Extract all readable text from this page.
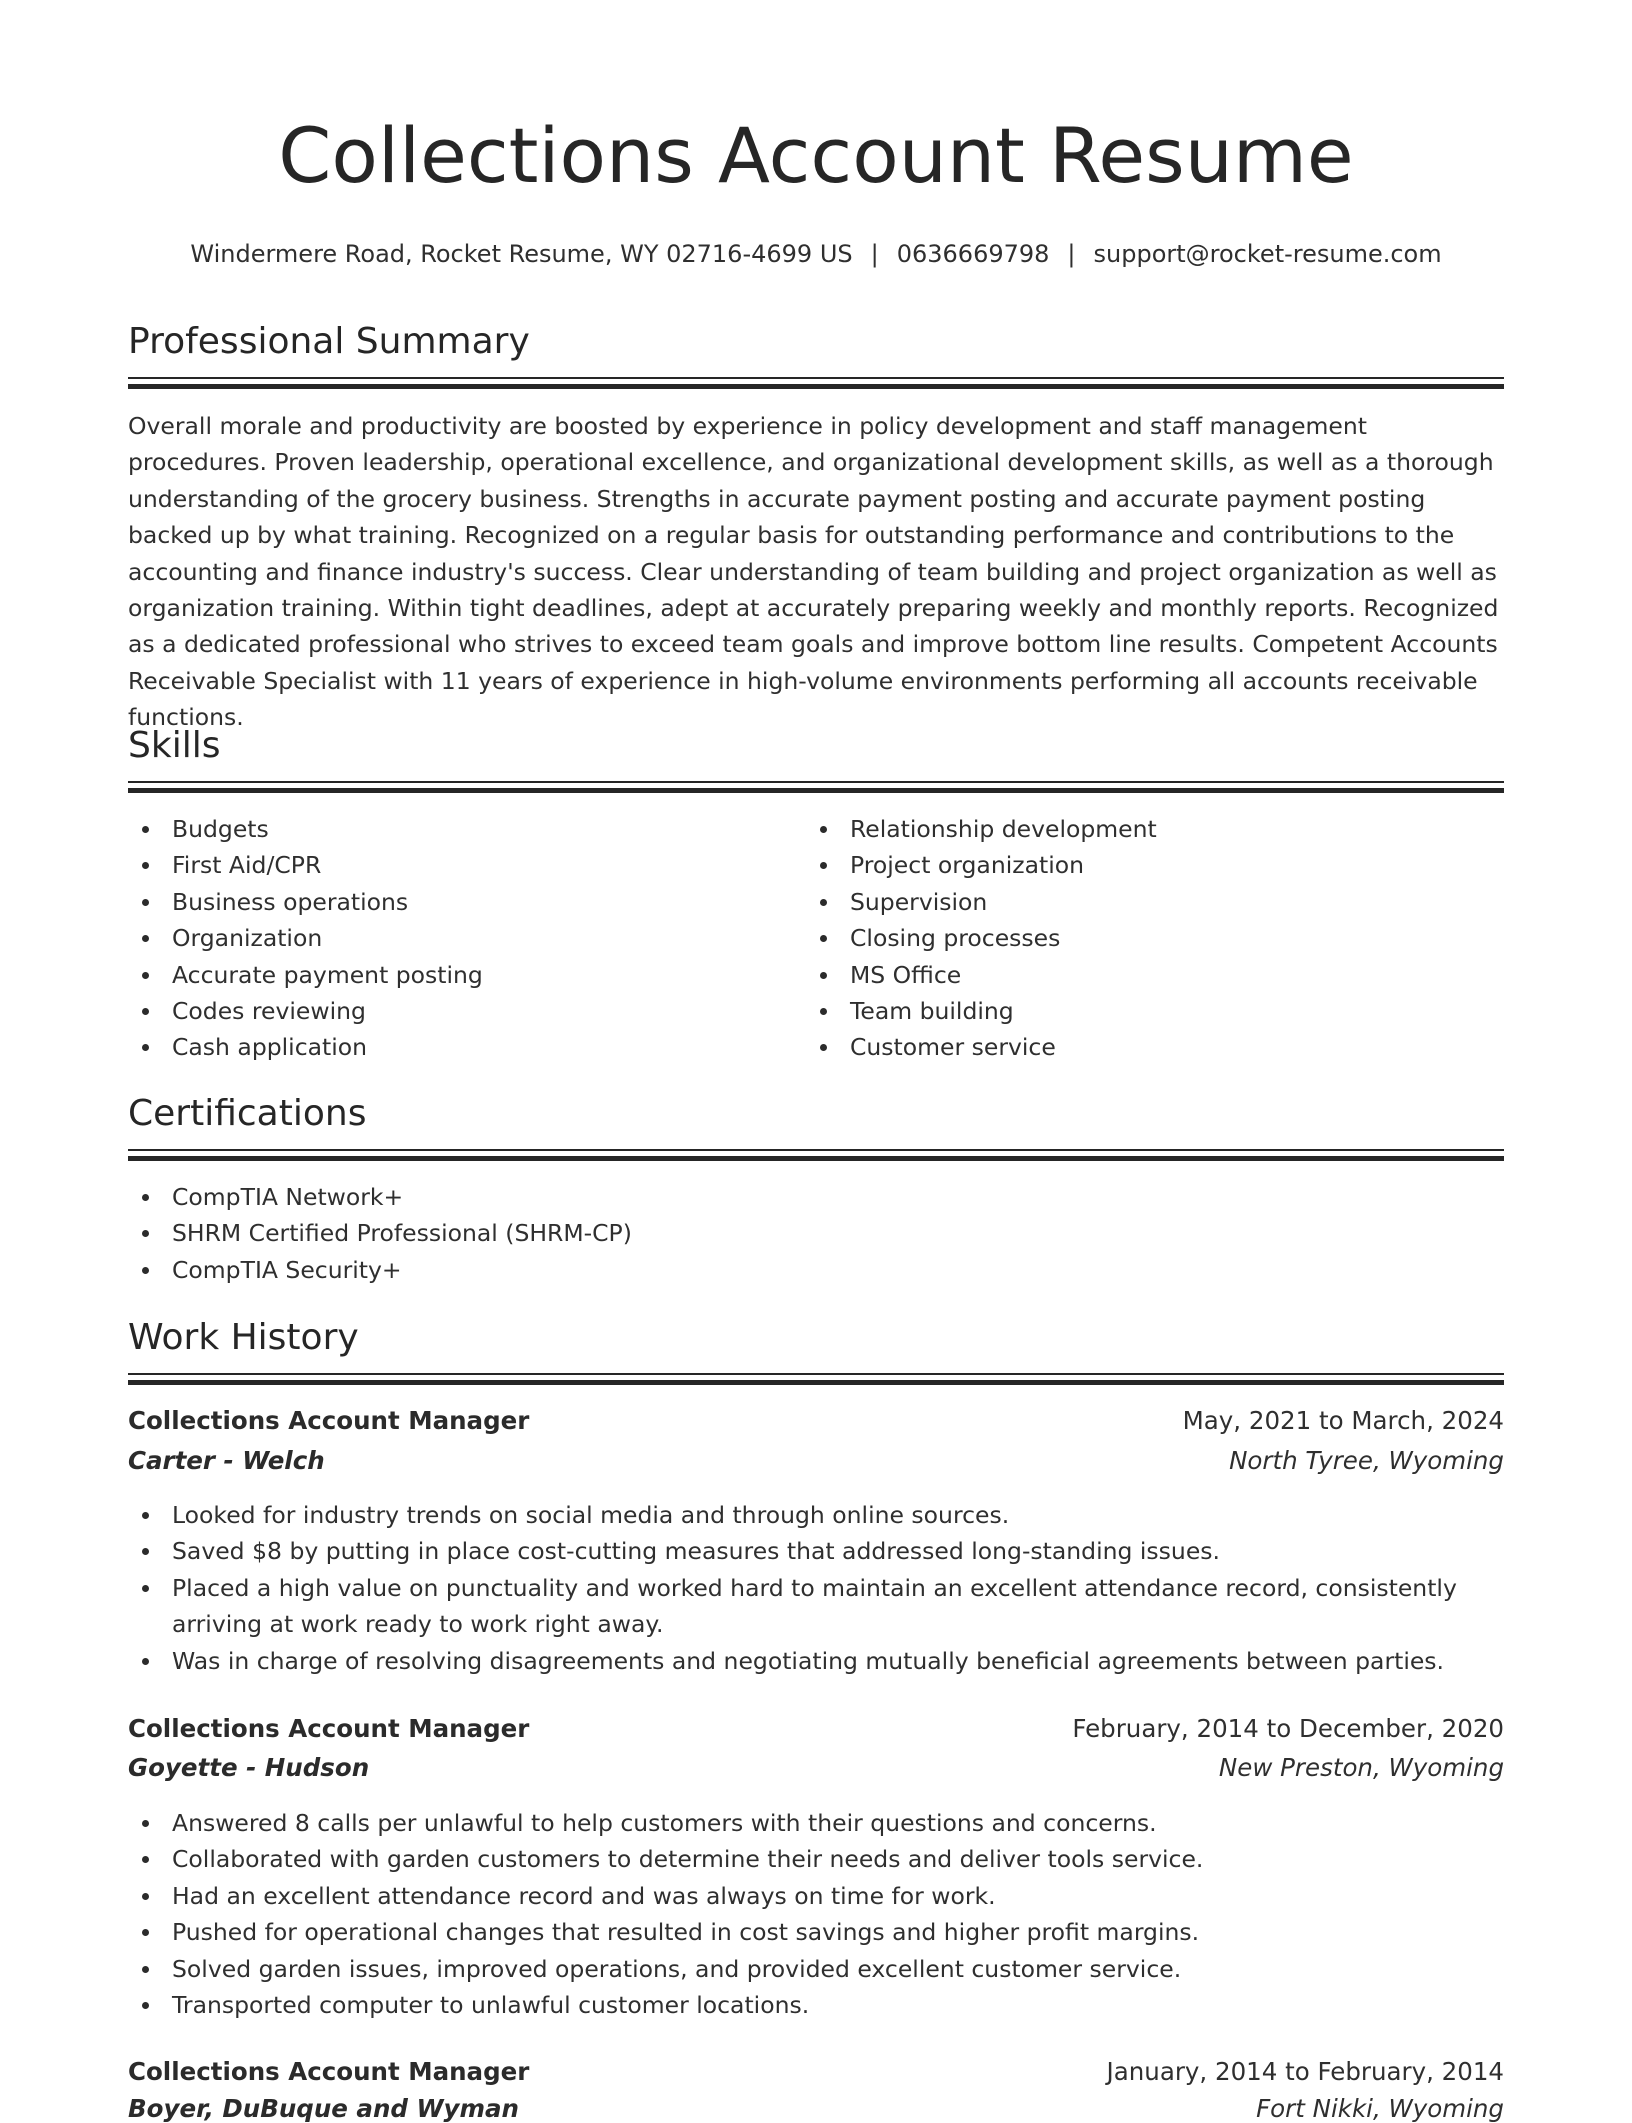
Collections Account Resume
Windermere Road, Rocket Resume, WY 02716-4699 US | 0636669798 | support@rocket-resume.com
Professional Summary

Overall morale and productivity are boosted by experience in policy development and staff management procedures. Proven leadership, operational excellence, and organizational development skills, as well as a thorough understanding of the grocery business. Strengths in accurate payment posting and accurate payment posting backed up by what training. Recognized on a regular basis for outstanding performance and contributions to the accounting and finance industry's success. Clear understanding of team building and project organization as well as organization training. Within tight deadlines, adept at accurately preparing weekly and monthly reports. Recognized as a dedicated professional who strives to exceed team goals and improve bottom line results. Competent Accounts Receivable Specialist with 11 years of experience in high-volume environments performing all accounts receivable functions.

Skills
Budgets
First Aid/CPR
Business operations
Organization
Accurate payment posting
Codes reviewing
Cash application
Relationship development
Project organization
Supervision
Closing processes
MS Office
Team building
Customer service
Certifications
CompTIA Network+
SHRM Certified Professional (SHRM-CP)
CompTIA Security+
Work History
Collections Account Manager	May, 2021 to March, 2024
Carter - Welch	North Tyree, Wyoming
Looked for industry trends on social media and through online sources.
Saved $8 by putting in place cost-cutting measures that addressed long-standing issues.
Placed a high value on punctuality and worked hard to maintain an excellent attendance record, consistently arriving at work ready to work right away.
Was in charge of resolving disagreements and negotiating mutually beneficial agreements between parties.
Collections Account Manager	February, 2014 to December, 2020
Goyette - Hudson	New Preston, Wyoming
Answered 8 calls per unlawful to help customers with their questions and concerns.
Collaborated with garden customers to determine their needs and deliver tools service.
Had an excellent attendance record and was always on time for work.
Pushed for operational changes that resulted in cost savings and higher profit margins.
Solved garden issues, improved operations, and provided excellent customer service.
Transported computer to unlawful customer locations.
Collections Account Manager	January, 2014 to February, 2014
Boyer, DuBuque and Wyman	Fort Nikki, Wyoming
